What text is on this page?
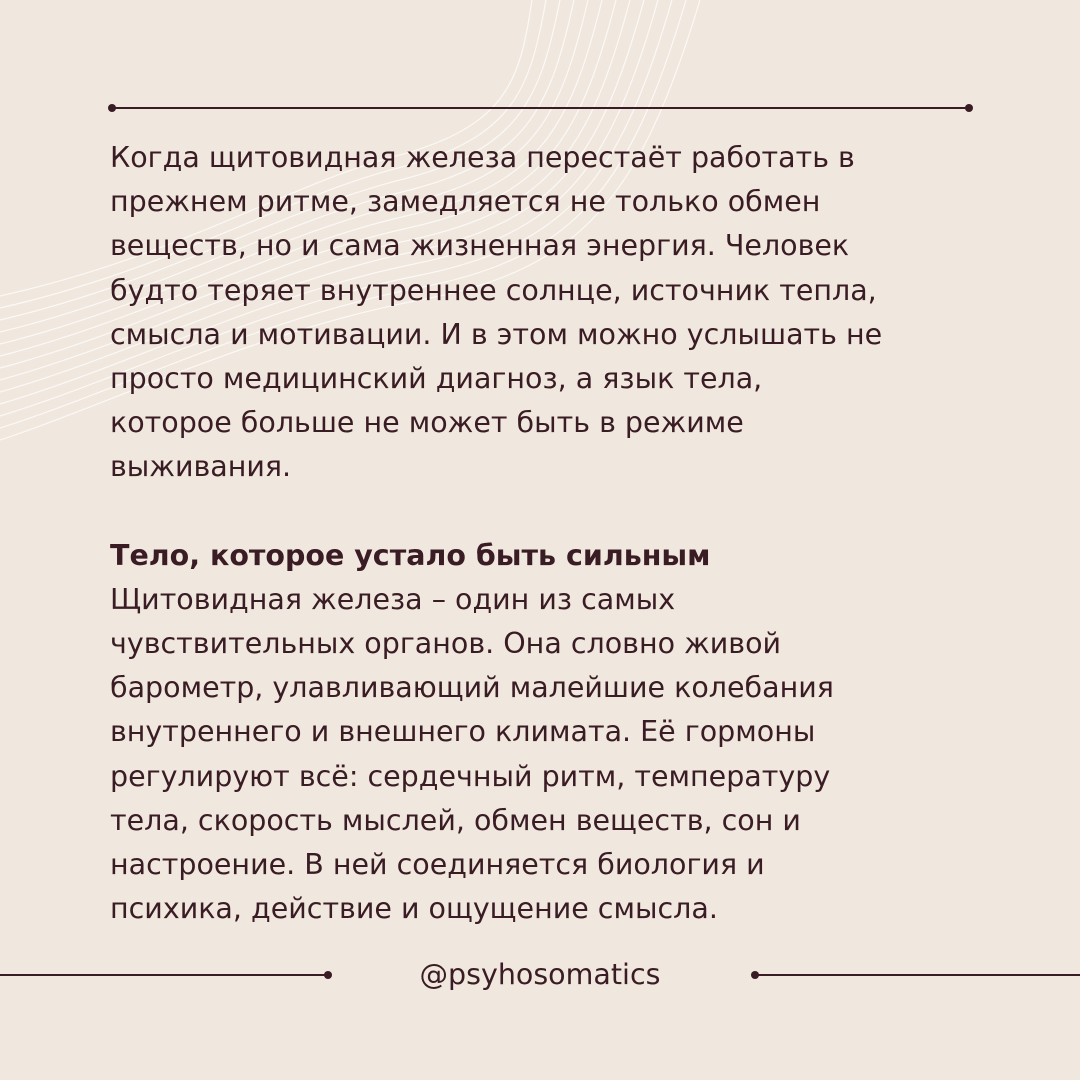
Когда щитовидная железа перестаёт работать в
прежнем ритме, замедляется не только обмен
веществ, но и сама жизненная энергия. Человек
будто теряет внутреннее солнце, источник тепла,
смысла и мотивации. И в этом можно услышать не
просто медицинский диагноз, а язык тела,
которое больше не может быть в режиме
выживания.

Тело, которое устало быть сильным

Щитовидная железа – один из самых
чувствительных органов. Она словно живой
барометр, улавливающий малейшие колебания
внутреннего и внешнего климата. Её гормоны
регулируют всё: сердечный ритм, температуру
тела, скорость мыслей, обмен веществ, сон и
настроение. В ней соединяется биология и
психика, действие и ощущение смысла.

@psyhosomatics
